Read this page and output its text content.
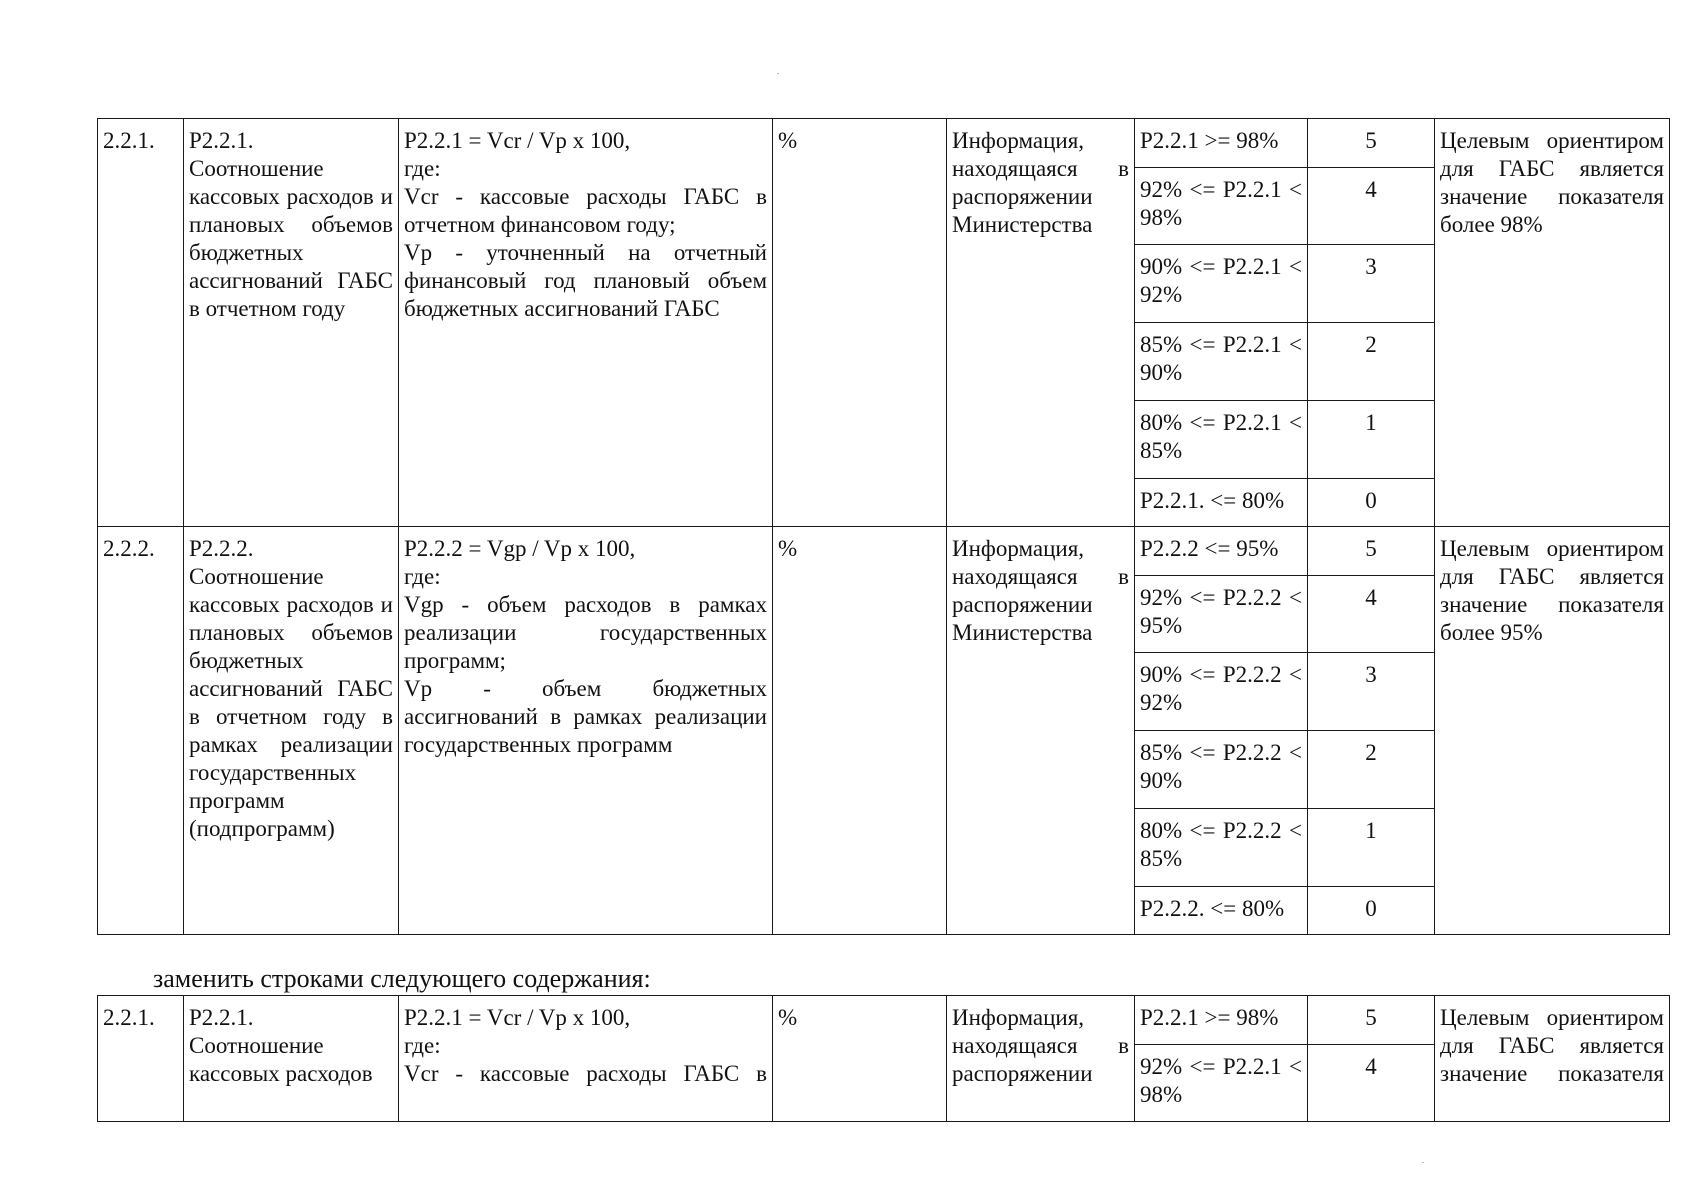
2.2.1.	P2.2.1. Соотношение кассовых расходов и плановых объемов бюджетных ассигнований ГАБС в отчетном году	P2.2.1 = Vcr / Vp x 100,
где:
Vcr - кассовые расходы ГАБС в отчетном финансовом году;
Vp - уточненный на отчетный финансовый год плановый объем бюджетных ассигнований ГАБС	%	Информация, находящаяся в распоряжении Министерства	P2.2.1 >= 98%	5	Целевым ориентиром для ГАБС является значение показателя более 98%
					92% <= P2.2.1 < 98%	4	
					90% <= P2.2.1 < 92%	3	
					85% <= P2.2.1 < 90%	2	
					80% <= P2.2.1 < 85%	1	
					P2.2.1. <= 80%	0	
2.2.2.	P2.2.2. Соотношение кассовых расходов и плановых объемов бюджетных ассигнований ГАБС в отчетном году в рамках реализации государственных программ (подпрограмм)	P2.2.2 = Vgp / Vp x 100,
где:
Vgp - объем расходов в рамках реализации государственных программ;
Vp - объем бюджетных ассигнований в рамках реализации государственных программ	%	Информация, находящаяся в распоряжении Министерства	P2.2.2 <= 95%	5	Целевым ориентиром для ГАБС является значение показателя более 95%
					92% <= P2.2.2 < 95%	4	
					90% <= P2.2.2 < 92%	3	
					85% <= P2.2.2 < 90%	2	
					80% <= P2.2.2 < 85%	1	
					P2.2.2. <= 80%	0	
заменить строками следующего содержания:
2.2.1.	P2.2.1. Соотношение кассовых расходов	P2.2.1 = Vcr / Vp x 100,
где:
Vcr - кассовые расходы ГАБС в	%	Информация, находящаяся в распоряжении	P2.2.1 >= 98%	5	Целевым ориентиром для ГАБС является значение показателя
					92% <= P2.2.1 < 98%	4	
